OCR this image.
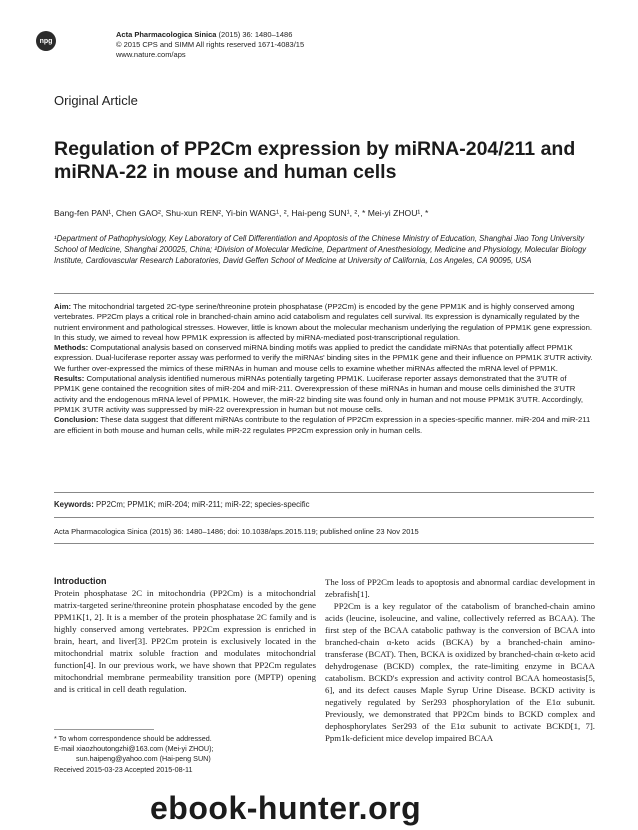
npg
Acta Pharmacologica Sinica (2015) 36: 1480–1486
© 2015 CPS and SIMM All rights reserved 1671-4083/15
www.nature.com/aps
Original Article
Regulation of PP2Cm expression by miRNA-204/211 and miRNA-22 in mouse and human cells
Bang-fen PAN¹, Chen GAO², Shu-xun REN², Yi-bin WANG¹, ², Hai-peng SUN¹, ², * Mei-yi ZHOU¹, *
¹Department of Pathophysiology, Key Laboratory of Cell Differentiation and Apoptosis of the Chinese Ministry of Education, Shanghai Jiao Tong University School of Medicine, Shanghai 200025, China; ²Division of Molecular Medicine, Department of Anesthesiology, Medicine and Physiology, Molecular Biology Institute, Cardiovascular Research Laboratories, David Geffen School of Medicine at University of California, Los Angeles, CA 90095, USA

Aim: The mitochondrial targeted 2C-type serine/threonine protein phosphatase (PP2Cm) is encoded by the gene PPM1K and is highly conserved among vertebrates. PP2Cm plays a critical role in branched-chain amino acid catabolism and regulates cell survival. Its expression is dynamically regulated by the nutrient environment and pathological stresses. However, little is known about the molecular mechanism underlying the regulation of PPM1K gene expression. In this study, we aimed to reveal how PPM1K expression is affected by miRNA-mediated post-transcriptional regulation.

Methods: Computational analysis based on conserved miRNA binding motifs was applied to predict the candidate miRNAs that potentially affect PPM1K expression. Dual-luciferase reporter assay was performed to verify the miRNAs' binding sites in the PPM1K gene and their influence on PPM1K 3′UTR activity. We further over-expressed the mimics of these miRNAs in human and mouse cells to examine whether miRNAs affected the mRNA level of PPM1K.

Results: Computational analysis identified numerous miRNAs potentially targeting PPM1K. Luciferase reporter assays demonstrated that the 3′UTR of PPM1K gene contained the recognition sites of miR-204 and miR-211. Overexpression of these miRNAs in human and mouse cells diminished the 3′UTR activity and the endogenous mRNA level of PPM1K. However, the miR-22 binding site was found only in human and not mouse PPM1K 3′UTR. Accordingly, PPM1K 3′UTR activity was suppressed by miR-22 overexpression in human but not mouse cells.

Conclusion: These data suggest that different miRNAs contribute to the regulation of PP2Cm expression in a species-specific manner. miR-204 and miR-211 are efficient in both mouse and human cells, while miR-22 regulates PP2Cm expression only in human cells.

Keywords: PP2Cm; PPM1K; miR-204; miR-211; miR-22; species-specific
Acta Pharmacologica Sinica (2015) 36: 1480–1486; doi: 10.1038/aps.2015.119; published online 23 Nov 2015
Introduction
Protein phosphatase 2C in mitochondria (PP2Cm) is a mitochondrial matrix-targeted serine/threonine protein phosphatase encoded by the gene PPM1K[1, 2]. It is a member of the protein phosphatase 2C family and is highly conserved among vertebrates. PP2Cm expression is enriched in brain, heart, and liver[3]. PP2Cm protein is exclusively located in the mitochondrial matrix soluble fraction and modulates mitochondrial function[4]. In our previous work, we have shown that PP2Cm regulates mitochondrial membrane permeability transition pore (MPTP) opening and is critical in cell death regulation.
The loss of PP2Cm leads to apoptosis and abnormal cardiac development in zebrafish[1].
PP2Cm is a key regulator of the catabolism of branched-chain amino acids (leucine, isoleucine, and valine, collectively referred as BCAA). The first step of the BCAA catabolic pathway is the conversion of BCAA into branched-chain α-keto acids (BCKA) by a branched-chain amino-transferase (BCAT). Then, BCKA is oxidized by branched-chain α-keto acid dehydrogenase (BCKD) complex, the rate-limiting enzyme in BCAA catabolism. BCKD's expression and activity control BCAA homeostasis[5, 6], and its defect causes Maple Syrup Urine Disease. BCKD activity is negatively regulated by Ser293 phosphorylation of the E1α subunit. Previously, we demonstrated that PP2Cm binds to BCKD complex and dephosphorylates Ser293 of the E1α subunit to activate BCKD[1, 7]. Ppm1k-deficient mice develop impaired BCAA
* To whom correspondence should be addressed.
E-mail xiaozhoutongzhi@163.com (Mei-yi ZHOU);
sun.haipeng@yahoo.com (Hai-peng SUN)
Received 2015-03-23 Accepted 2015-08-11
ebook-hunter.org
